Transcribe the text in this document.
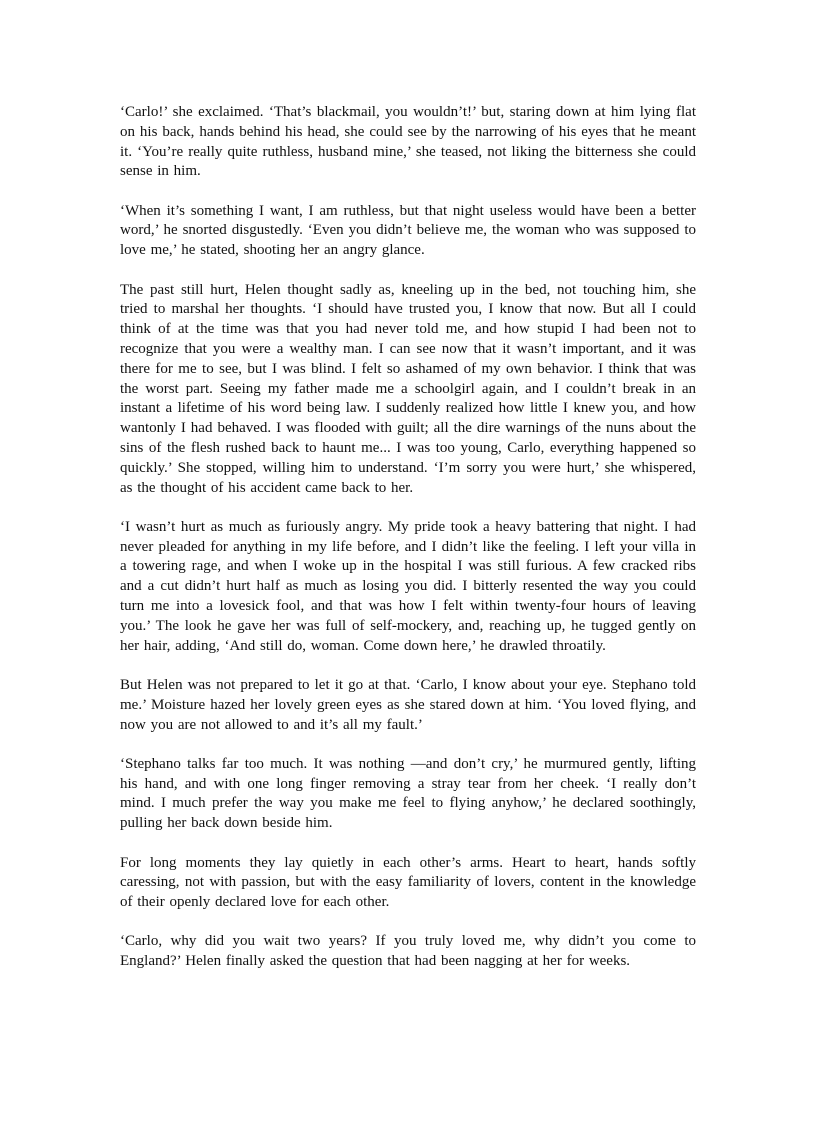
‘Carlo!’ she exclaimed. ‘That’s blackmail, you wouldn’t!’ but, staring down at him lying flat on his back, hands behind his head, she could see by the narrowing of his eyes that he meant it. ‘You’re really quite ruthless, husband mine,’ she teased, not liking the bitterness she could sense in him.

‘When it’s something I want, I am ruthless, but that night useless would have been a better word,’ he snorted disgustedly. ‘Even you didn’t believe me, the woman who was supposed to love me,’ he stated, shooting her an angry glance.

The past still hurt, Helen thought sadly as, kneeling up in the bed, not touching him, she tried to marshal her thoughts. ‘I should have trusted you, I know that now. But all I could think of at the time was that you had never told me, and how stupid I had been not to recognize that you were a wealthy man. I can see now that it wasn’t important, and it was there for me to see, but I was blind. I felt so ashamed of my own behavior. I think that was the worst part. Seeing my father made me a schoolgirl again, and I couldn’t break in an instant a lifetime of his word being law. I suddenly realized how little I knew you, and how wantonly I had behaved. I was flooded with guilt; all the dire warnings of the nuns about the sins of the flesh rushed back to haunt me... I was too young, Carlo, everything happened so quickly.’ She stopped, willing him to understand. ‘I’m sorry you were hurt,’ she whispered, as the thought of his accident came back to her.

‘I wasn’t hurt as much as furiously angry. My pride took a heavy battering that night. I had never pleaded for anything in my life before, and I didn’t like the feeling. I left your villa in a towering rage, and when I woke up in the hospital I was still furious. A few cracked ribs and a cut didn’t hurt half as much as losing you did. I bitterly resented the way you could turn me into a lovesick fool, and that was how I felt within twenty-four hours of leaving you.’ The look he gave her was full of self-mockery, and, reaching up, he tugged gently on her hair, adding, ‘And still do, woman. Come down here,’ he drawled throatily.

But Helen was not prepared to let it go at that. ‘Carlo, I know about your eye. Stephano told me.’ Moisture hazed her lovely green eyes as she stared down at him. ‘You loved flying, and now you are not allowed to and it’s all my fault.’

‘Stephano talks far too much. It was nothing —and don’t cry,’ he murmured gently, lifting his hand, and with one long finger removing a stray tear from her cheek. ‘I really don’t mind. I much prefer the way you make me feel to flying anyhow,’ he declared soothingly, pulling her back down beside him.

For long moments they lay quietly in each other’s arms. Heart to heart, hands softly caressing, not with passion, but with the easy familiarity of lovers, content in the knowledge of their openly declared love for each other.

‘Carlo, why did you wait two years? If you truly loved me, why didn’t you come to England?’ Helen finally asked the question that had been nagging at her for weeks.
